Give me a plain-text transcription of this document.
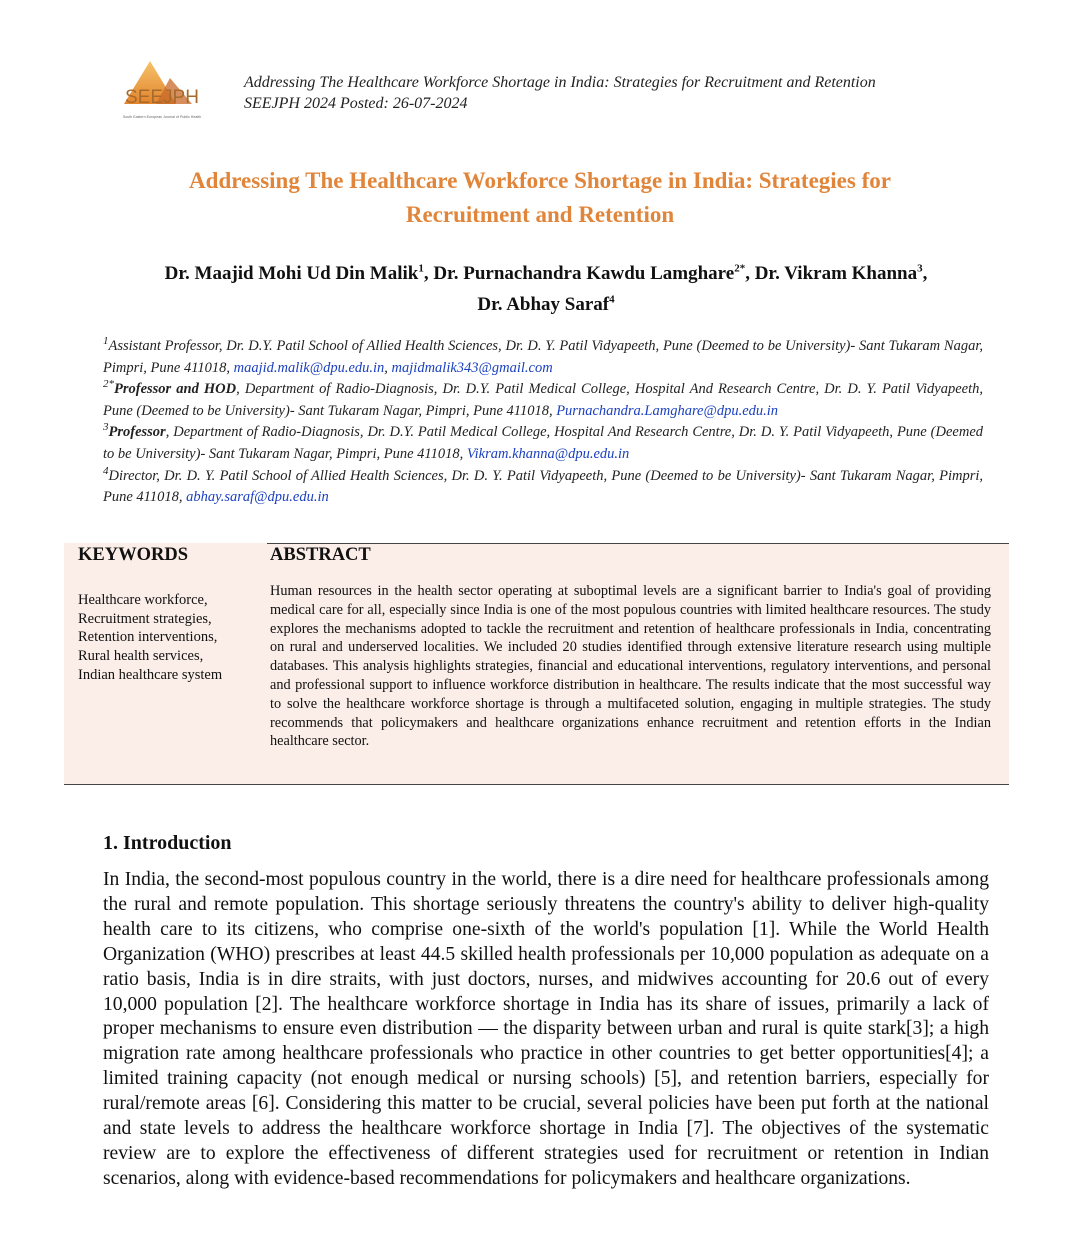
SEEJPH
South Eastern European Journal of Public Health
Addressing The Healthcare Workforce Shortage in India: Strategies for Recruitment and Retention
SEEJPH 2024 Posted: 26-07-2024
Addressing The Healthcare Workforce Shortage in India: Strategies for
Recruitment and Retention
Dr. Maajid Mohi Ud Din Malik$^1$, Dr. Purnachandra Kawdu Lamghare$^{2*}$, Dr. Vikram Khanna$^3$,
Dr. Abhay Saraf$^4$

$^1$Assistant Professor, Dr. D.Y. Patil School of Allied Health Sciences, Dr. D. Y. Patil Vidyapeeth, Pune (Deemed to be University)- Sant Tukaram Nagar, Pimpri, Pune 411018, maajid.malik@dpu.edu.in, majidmalik343@gmail.com

$^{2*}$Professor and HOD, Department of Radio-Diagnosis, Dr. D.Y. Patil Medical College, Hospital And Research Centre, Dr. D. Y. Patil Vidyapeeth, Pune (Deemed to be University)- Sant Tukaram Nagar, Pimpri, Pune 411018, Purnachandra.Lamghare@dpu.edu.in

$^3$Professor, Department of Radio-Diagnosis, Dr. D.Y. Patil Medical College, Hospital And Research Centre, Dr. D. Y. Patil Vidyapeeth, Pune (Deemed to be University)- Sant Tukaram Nagar, Pimpri, Pune 411018, Vikram.khanna@dpu.edu.in

$^4$Director, Dr. D. Y. Patil School of Allied Health Sciences, Dr. D. Y. Patil Vidyapeeth, Pune (Deemed to be University)- Sant Tukaram Nagar, Pimpri, Pune 411018, abhay.saraf@dpu.edu.in

KEYWORDS
Healthcare workforce,
Recruitment strategies,
Retention interventions,
Rural health services,
Indian healthcare system
ABSTRACT
Human resources in the health sector operating at suboptimal levels are a significant barrier to India's goal of providing medical care for all, especially since India is one of the most populous countries with limited healthcare resources. The study explores the mechanisms adopted to tackle the recruitment and retention of healthcare professionals in India, concentrating on rural and underserved localities. We included 20 studies identified through extensive literature research using multiple databases. This analysis highlights strategies, financial and educational interventions, regulatory interventions, and personal and professional support to influence workforce distribution in healthcare. The results indicate that the most successful way to solve the healthcare workforce shortage is through a multifaceted solution, engaging in multiple strategies. The study recommends that policymakers and healthcare organizations enhance recruitment and retention efforts in the Indian healthcare sector.
1. Introduction
In India, the second-most populous country in the world, there is a dire need for healthcare professionals among the rural and remote population. This shortage seriously threatens the country's ability to deliver high-quality health care to its citizens, who comprise one-sixth of the world's population [1]. While the World Health Organization (WHO) prescribes at least 44.5 skilled health professionals per 10,000 population as adequate on a ratio basis, India is in dire straits, with just doctors, nurses, and midwives accounting for 20.6 out of every 10,000 population [2]. The healthcare workforce shortage in India has its share of issues, primarily a lack of proper mechanisms to ensure even distribution — the disparity between urban and rural is quite stark[3]; a high migration rate among healthcare professionals who practice in other countries to get better opportunities[4]; a limited training capacity (not enough medical or nursing schools) [5], and retention barriers, especially for rural/remote areas [6]. Considering this matter to be crucial, several policies have been put forth at the national and state levels to address the healthcare workforce shortage in India [7]. The objectives of the systematic review are to explore the effectiveness of different strategies used for recruitment or retention in Indian scenarios, along with evidence-based recommendations for policymakers and healthcare organizations.
